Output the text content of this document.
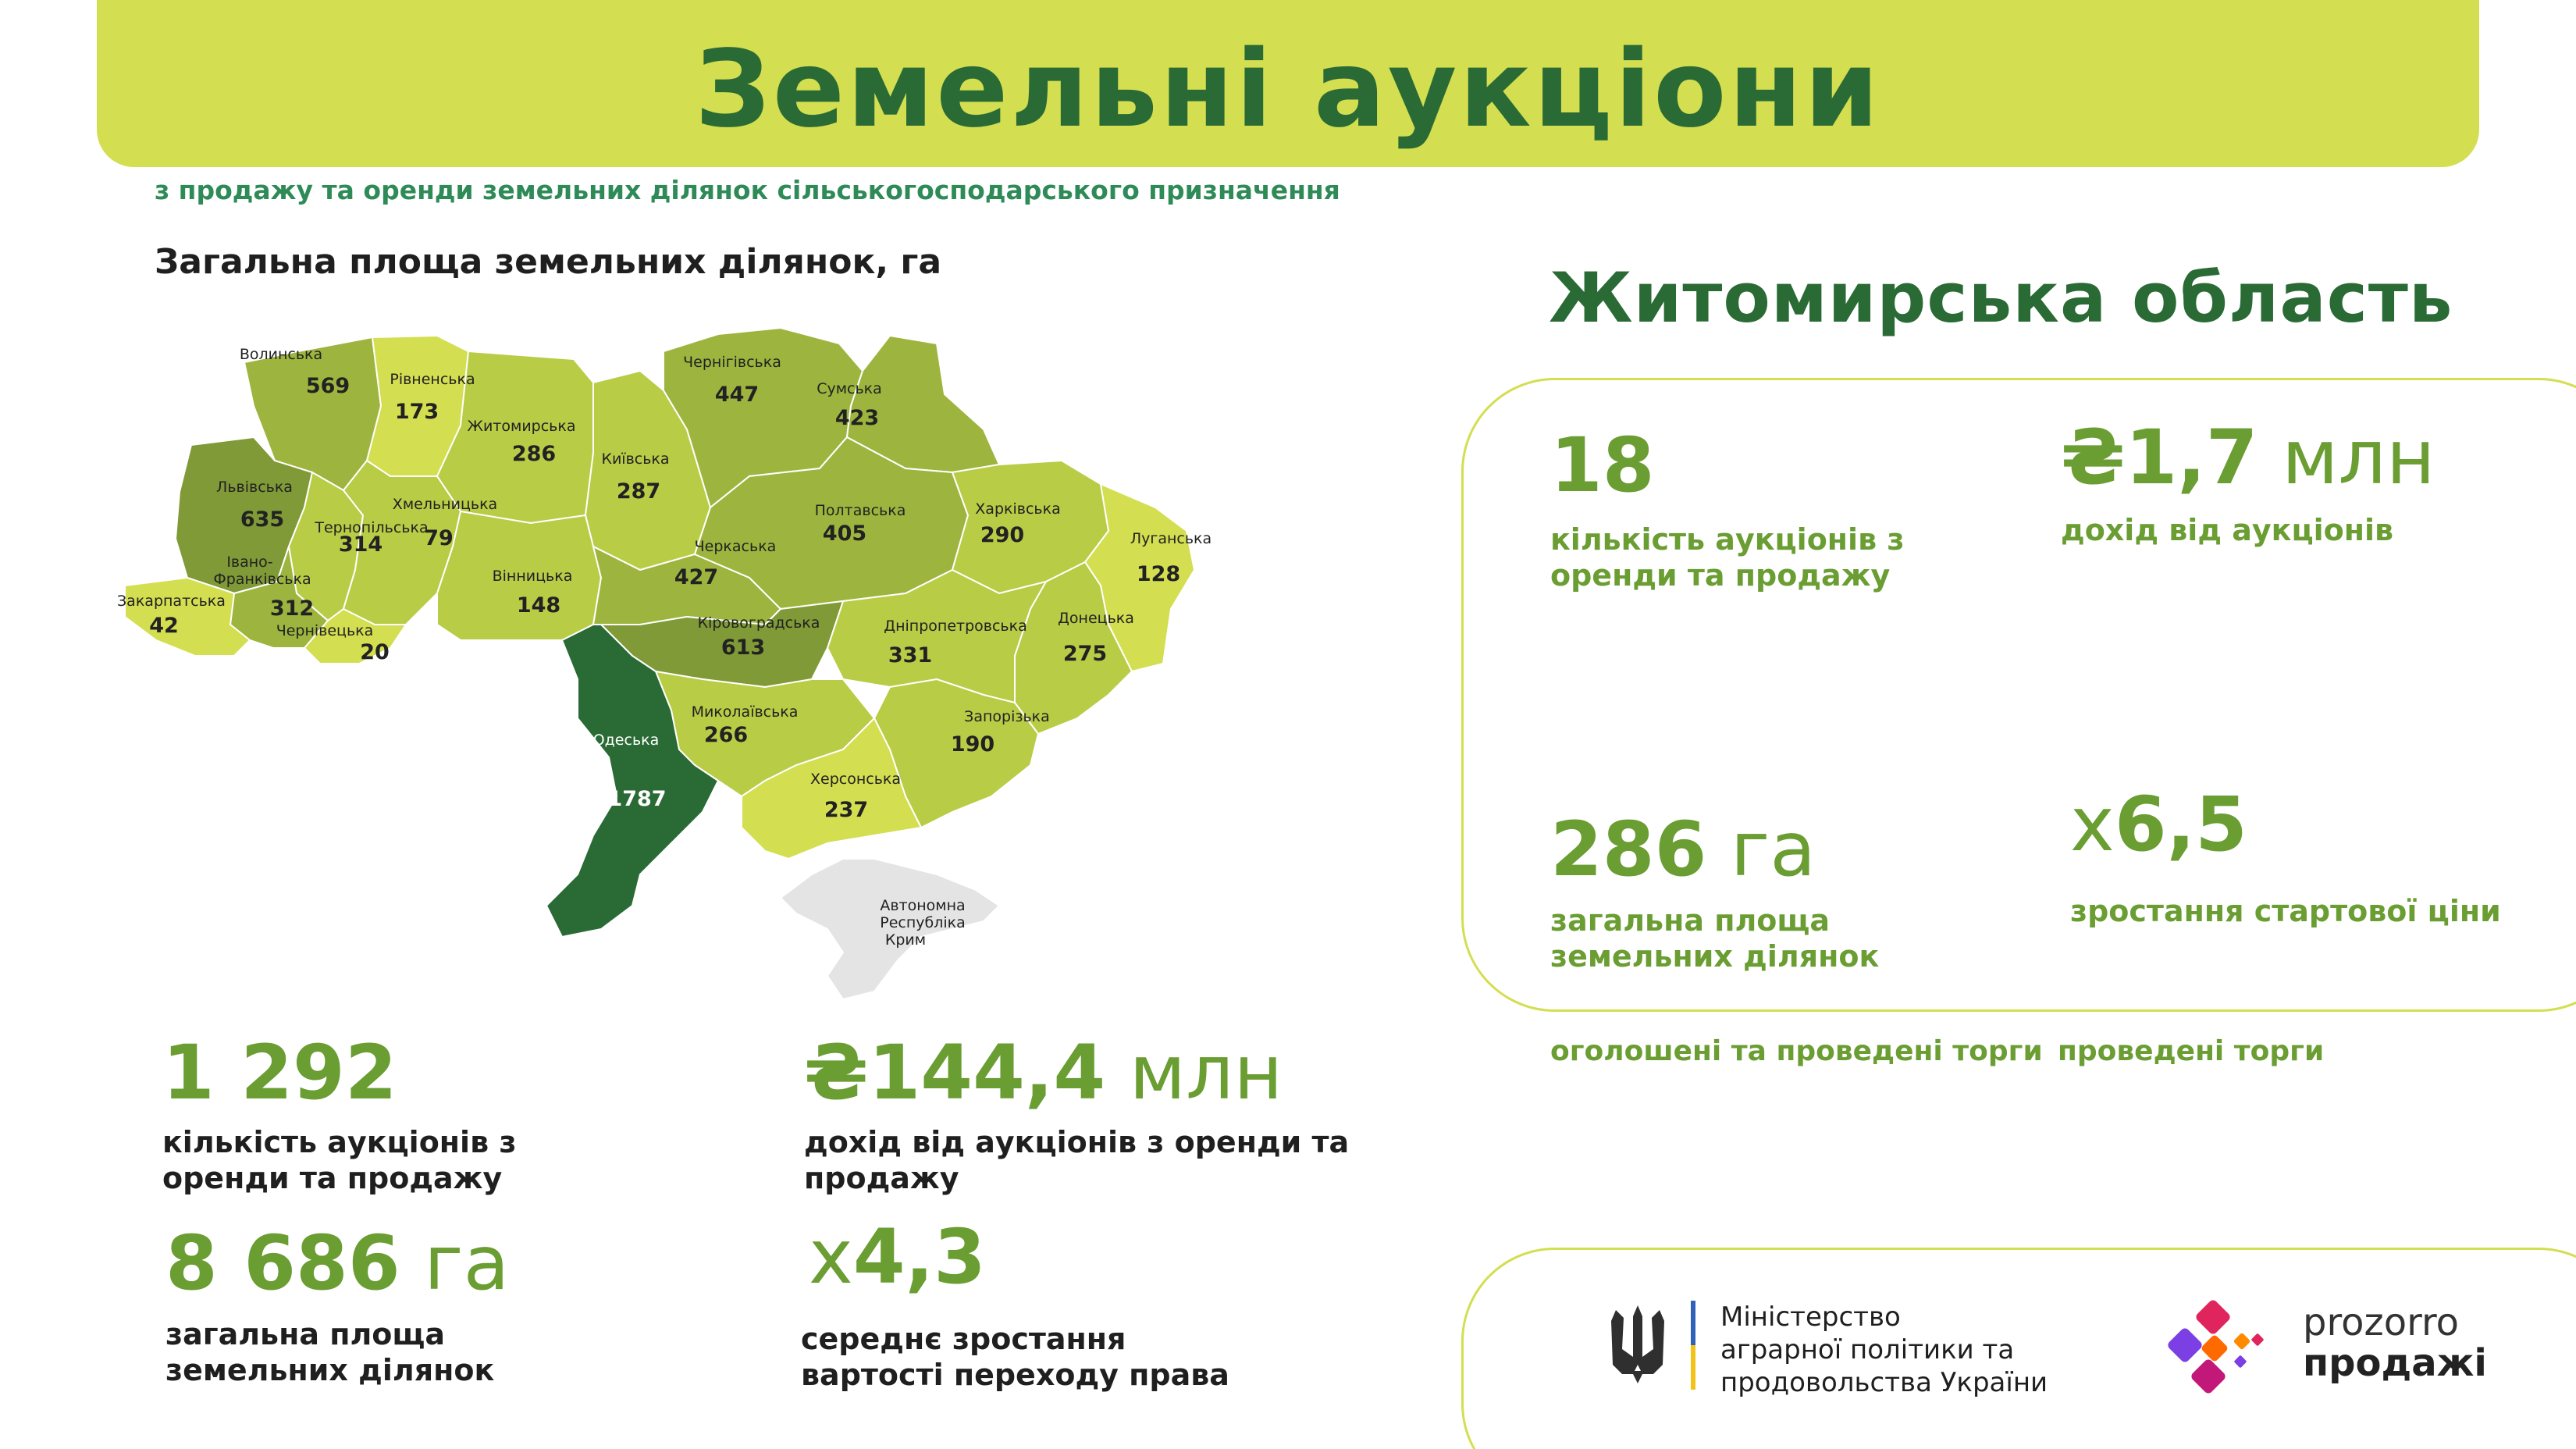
Земельні аукціони
з продажу та оренди земельних ділянок сільськогосподарського призначення
Загальна площа земельних ділянок, га
Волинська
569	Рівненська
173
Житомирська
286	Київська
287
Чернігівська
447	Сумська
423
Львівська
635
Хмельницька
79
Тернопільська
314
Івано-
Франківська
312
Закарпатська
42	Чернівецька
20
Вінницька
148
Черкаська
427
Полтавська
405
Харківська
290	Луганська
128
Донецька
275
Дніпропетровська
331
Кіровоградська
613
Запорізька
190
Миколаївська
266
Херсонська
237
Одеська
1787
Автономна
Республіка
Крим
1 292
кількість аукціонів з оренди та продажу
₴144,4 млн
дохід від аукціонів з оренди та продажу
8 686 га
загальна площа земельних ділянок
x4,3
середнє зростання вартості переходу права
Житомирська область
18
кількість аукціонів з оренди та продажу
₴1,7 млн
дохід від аукціонів
286 га
загальна площа земельних ділянок
x6,5
зростання стартової ціни
оголошені та проведені торги проведені торги
Міністерство
аграрної політики та
продовольства України
prozorro
продажі
